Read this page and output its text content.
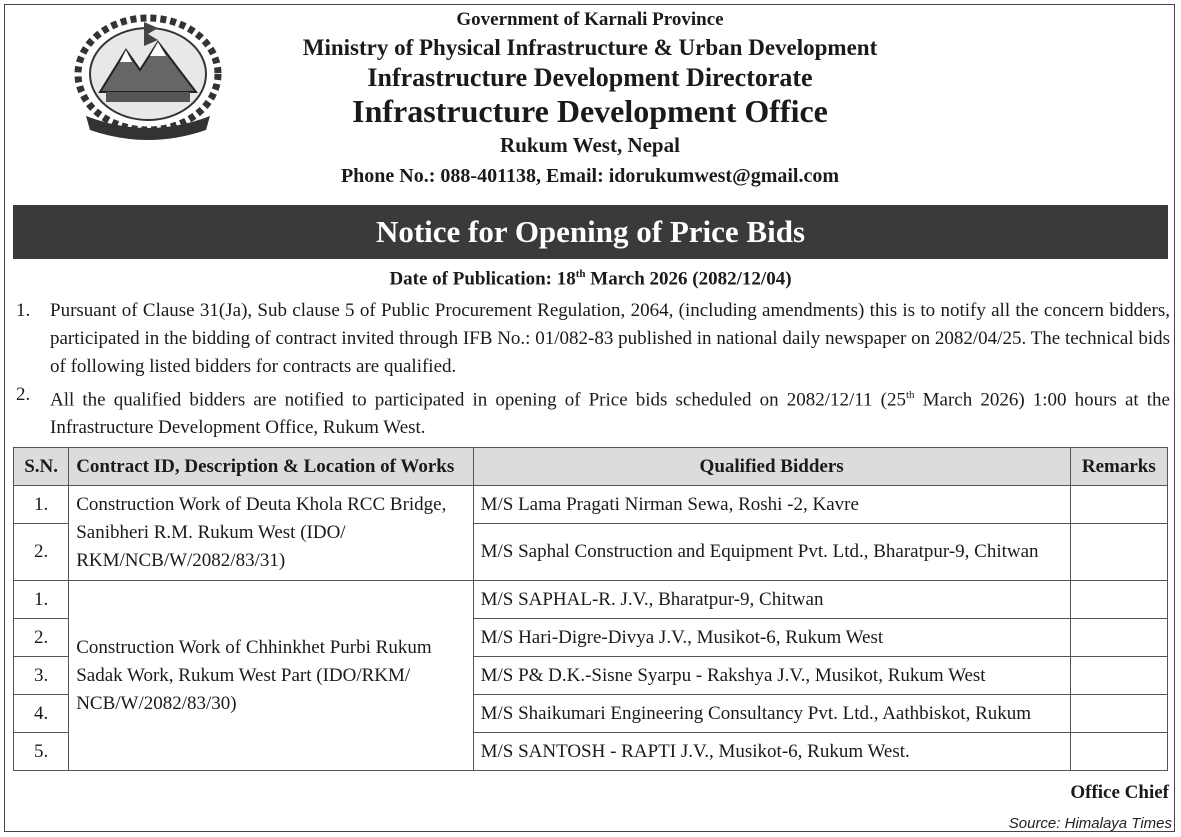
Government of Karnali Province
Ministry of Physical Infrastructure & Urban Development
Infrastructure Development Directorate
Infrastructure Development Office
Rukum West, Nepal
Phone No.: 088-401138, Email: idorukumwest@gmail.com
Notice for Opening of Price Bids
Date of Publication: 18th March 2026 (2082/12/04)
1. Pursuant of Clause 31(Ja), Sub clause 5 of Public Procurement Regulation, 2064, (including amendments) this is to notify all the concern bidders, participated in the bidding of contract invited through IFB No.: 01/082-83 published in national daily newspaper on 2082/04/25. The technical bids of following listed bidders for contracts are qualified.
2. All the qualified bidders are notified to participated in opening of Price bids scheduled on 2082/12/11 (25th March 2026) 1:00 hours at the Infrastructure Development Office, Rukum West.
S.N.	Contract ID, Description & Location of Works	Qualified Bidders	Remarks
1.	Construction Work of Deuta Khola RCC Bridge, Sanibheri R.M. Rukum West (IDO/ RKM/NCB/W/2082/83/31)	M/S Lama Pragati Nirman Sewa, Roshi -2, Kavre	
2.		M/S Saphal Construction and Equipment Pvt. Ltd., Bharatpur-9, Chitwan	
1.	Construction Work of Chhinkhet Purbi Rukum Sadak Work, Rukum West Part (IDO/RKM/ NCB/W/2082/83/30)	M/S SAPHAL-R. J.V., Bharatpur-9, Chitwan	
2.		M/S Hari-Digre-Divya J.V., Musikot-6, Rukum West	
3.		M/S P& D.K.-Sisne Syarpu - Rakshya J.V., Musikot, Rukum West	
4.		M/S Shaikumari Engineering Consultancy Pvt. Ltd., Aathbiskot, Rukum	
5.		M/S SANTOSH - RAPTI J.V., Musikot-6, Rukum West.	
Office Chief
Source: Himalaya Times
